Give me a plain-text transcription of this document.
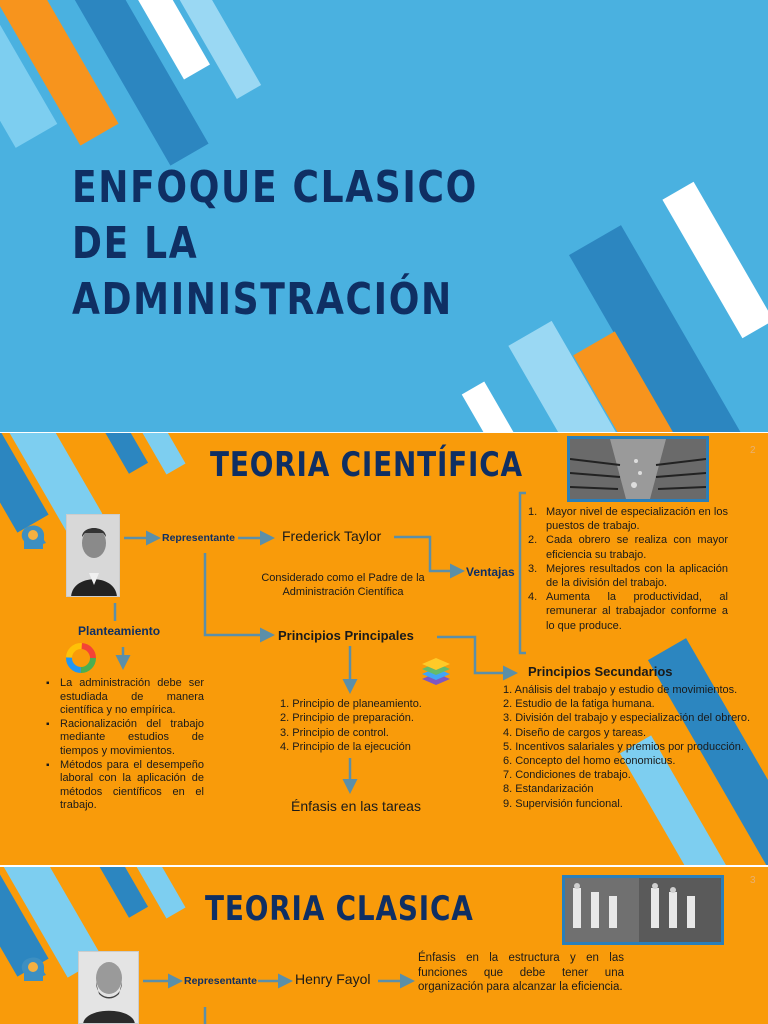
ENFOQUE CLASICO DE LA ADMINISTRACIÓN
TEORIA CIENTÍFICA	2
Representante	Frederick Taylor
Considerado como el Padre de la Administración Científica
Ventajas
1. Mayor nivel de especialización en los puestos de trabajo.
2. Cada obrero se realiza con mayor eficiencia su trabajo.
3. Mejores resultados con la aplicación de la división del trabajo.
4. Aumenta la productividad, al remunerar al trabajador conforme a lo que produce.
Planteamiento
▪ La administración debe ser estudiada de manera científica y no empírica.
▪ Racionalización del trabajo mediante estudios de tiempos y movimientos.
▪ Métodos para el desempeño laboral con la aplicación de métodos científicos en el trabajo.
Principios Principales
1. Principio de planeamiento.
2. Principio de preparación.
3. Principio de control.
4. Principio de la ejecución
Énfasis en las tareas
Principios Secundarios
1. Análisis del trabajo y estudio de movimientos.
2. Estudio de la fatiga humana.
3. División del trabajo y especialización del obrero.
4. Diseño de cargos y tareas.
5. Incentivos salariales y premios por producción.
6. Concepto del homo economicus.
7. Condiciones de trabajo.
8. Estandarización
9. Supervisión funcional.
TEORIA CLASICA
3
Representante	Henry Fayol
Énfasis en la estructura y en las funciones que debe tener una organización para alcanzar la eficiencia.
